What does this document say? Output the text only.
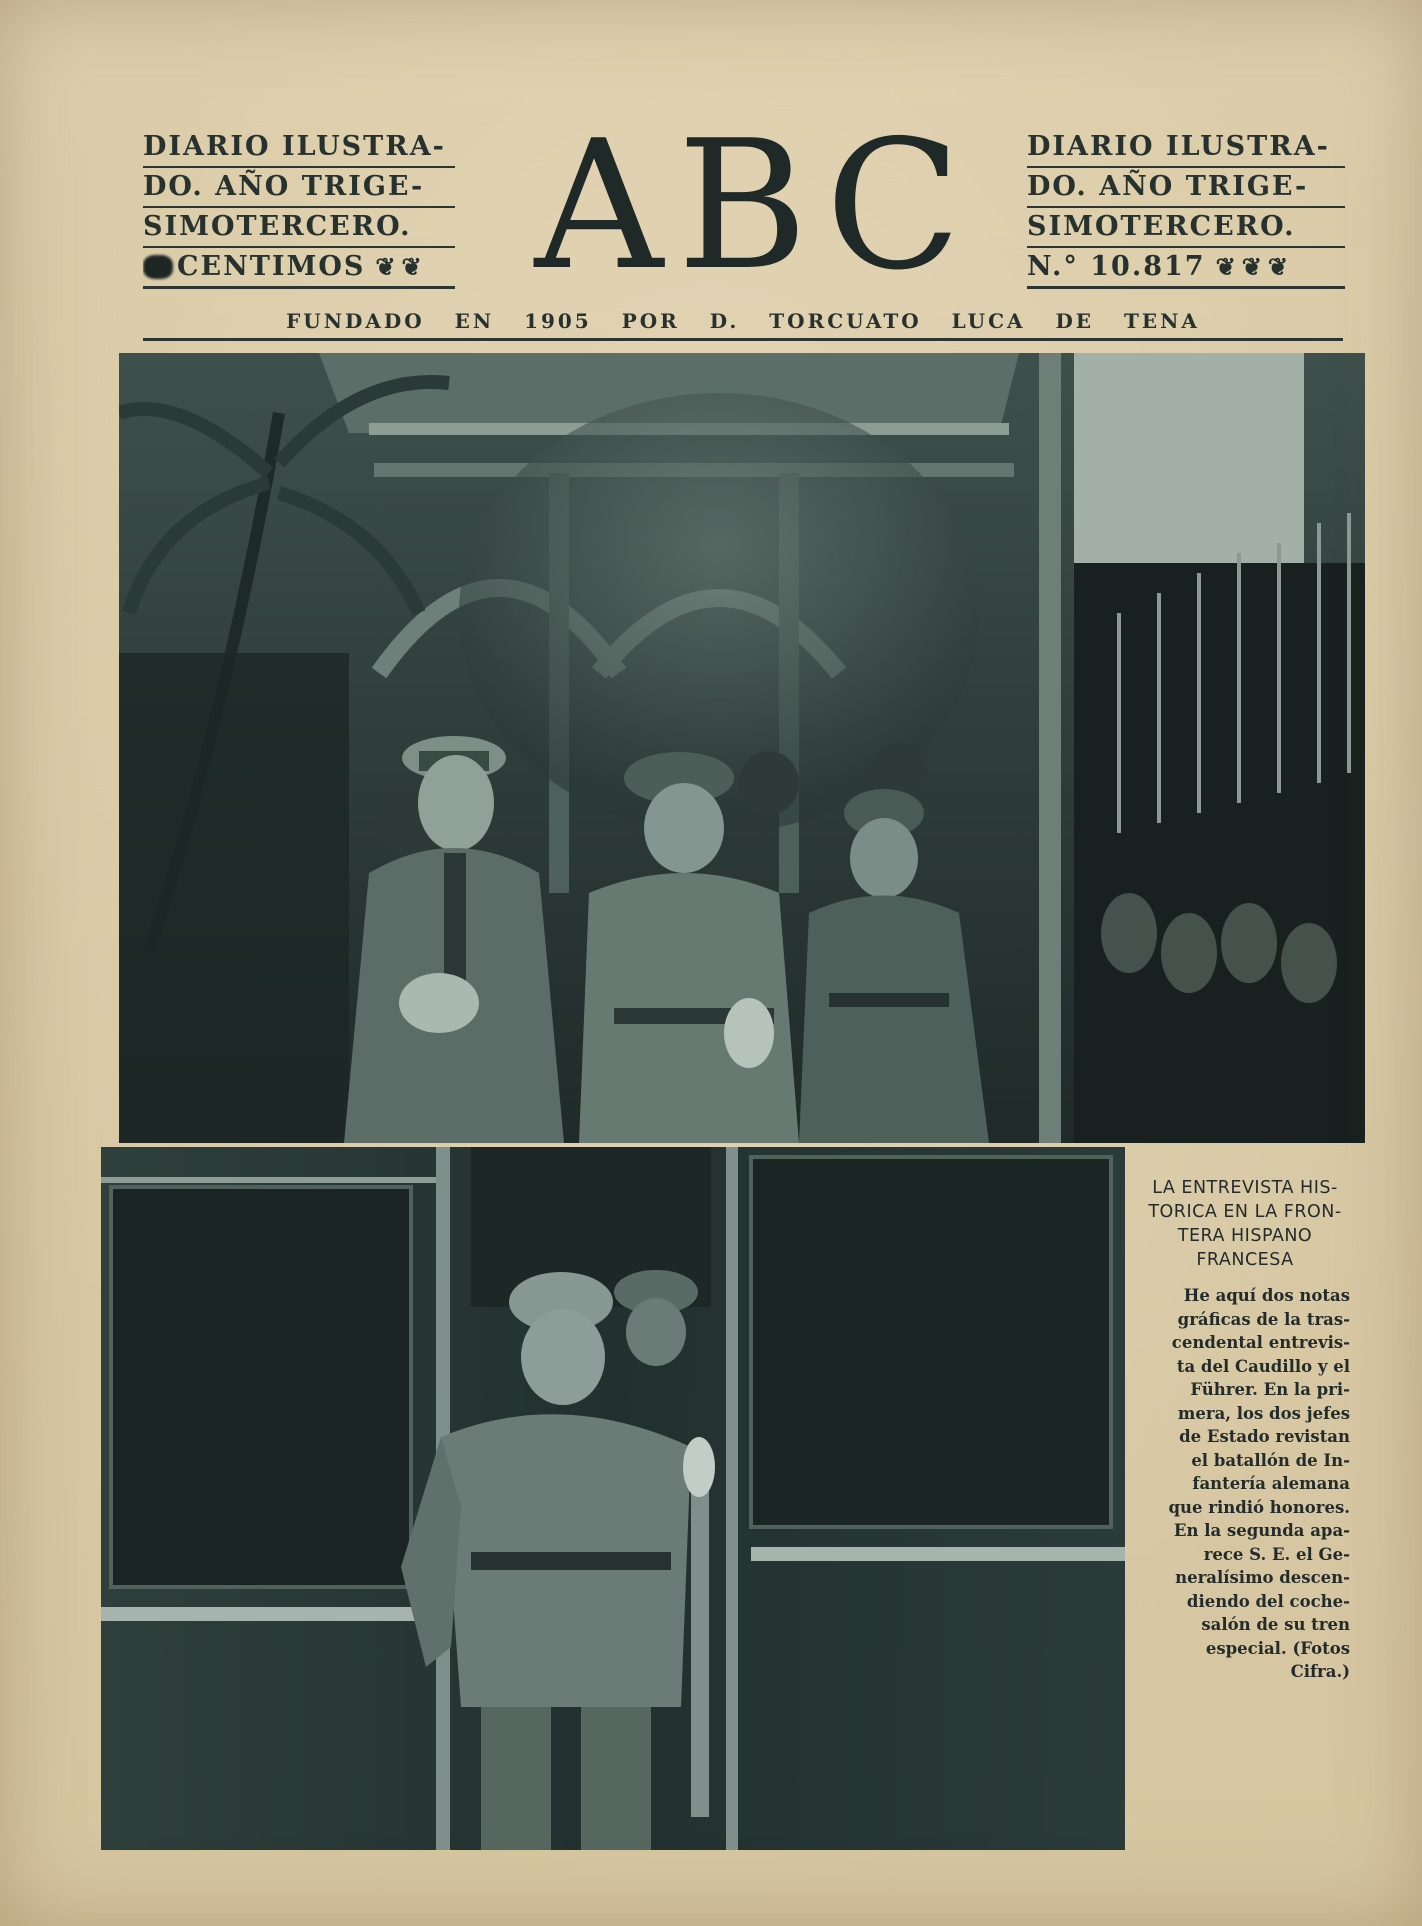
DIARIO ILUSTRA-
DO. AÑO TRIGE-
SIMOTERCERO.
CENTIMOS ❦❦ ABC	DIARIO ILUSTRA-
DO. AÑO TRIGE-
SIMOTERCERO.
N.° 10.817 ❦❦❦
FUNDADO EN 1905 POR D. TORCUATO LUCA DE TENA
LA ENTREVISTA HIS-
TORICA EN LA FRON-
TERA HISPANO
FRANCESA
He aquí dos notas
gráficas de la tras-
cendental entrevis-
ta del Caudillo y el
Führer. En la pri-
mera, los dos jefes
de Estado revistan
el batallón de In-
fantería alemana
que rindió honores.
En la segunda apa-
rece S. E. el Ge-
neralísimo descen-
diendo del coche-
salón de su tren
especial. (Fotos
Cifra.)
